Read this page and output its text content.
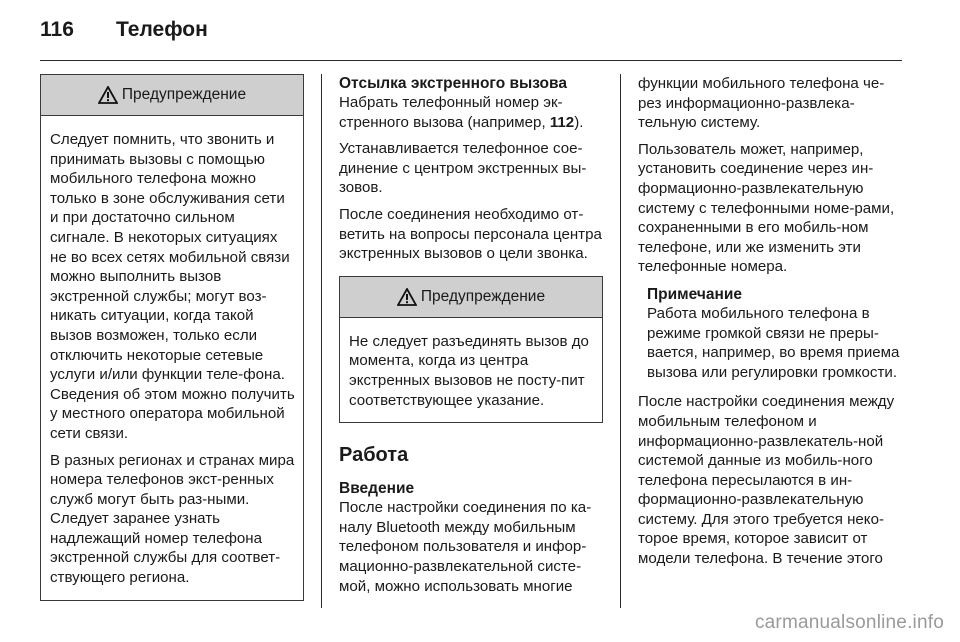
116 Телефон
Предупреждение

Следует помнить, что звонить и принимать вызовы с помощью мобильного телефона можно только в зоне обслуживания сети и при достаточно сильном сигнале. В некоторых ситуациях не во всех сетях мобильной связи можно выполнить вызов экстренной службы; могут воз-никать ситуации, когда такой вызов возможен, только если отключить некоторые сетевые услуги и/или функции теле-фона. Сведения об этом можно получить у местного оператора мобильной сети связи.

В разных регионах и странах мира номера телефонов экст-ренных служб могут быть раз-ными. Следует заранее узнать надлежащий номер телефона экстренной службы для соответ-ствующего региона.

Отсылка экстренного вызова

Набрать телефонный номер эк-стренного вызова (например, 112).

Устанавливается телефонное сое-динение с центром экстренных вы-зовов.

После соединения необходимо от-ветить на вопросы персонала центра экстренных вызовов о цели звонка.

Предупреждение

Не следует разъединять вызов до момента, когда из центра экстренных вызовов не посту-пит соответствующее указание.

Работа
Введение

После настройки соединения по ка-налу Bluetooth между мобильным телефоном пользователя и инфор-мационно-развлекательной систе-мой, можно использовать многие

функции мобильного телефона че-рез информационно-развлека-тельную систему.

Пользователь может, например, установить соединение через ин-формационно-развлекательную систему с телефонными номе-рами, сохраненными в его мобиль-ном телефоне, или же изменить эти телефонные номера.

Примечание

Работа мобильного телефона в режиме громкой связи не преры-вается, например, во время приема вызова или регулировки громкости.

После настройки соединения между мобильным телефоном и информационно-развлекатель-ной системой данные из мобиль-ного телефона пересылаются в ин-формационно-развлекательную систему. Для этого требуется неко-торое время, которое зависит от модели телефона. В течение этого

carmanualsonline.info
